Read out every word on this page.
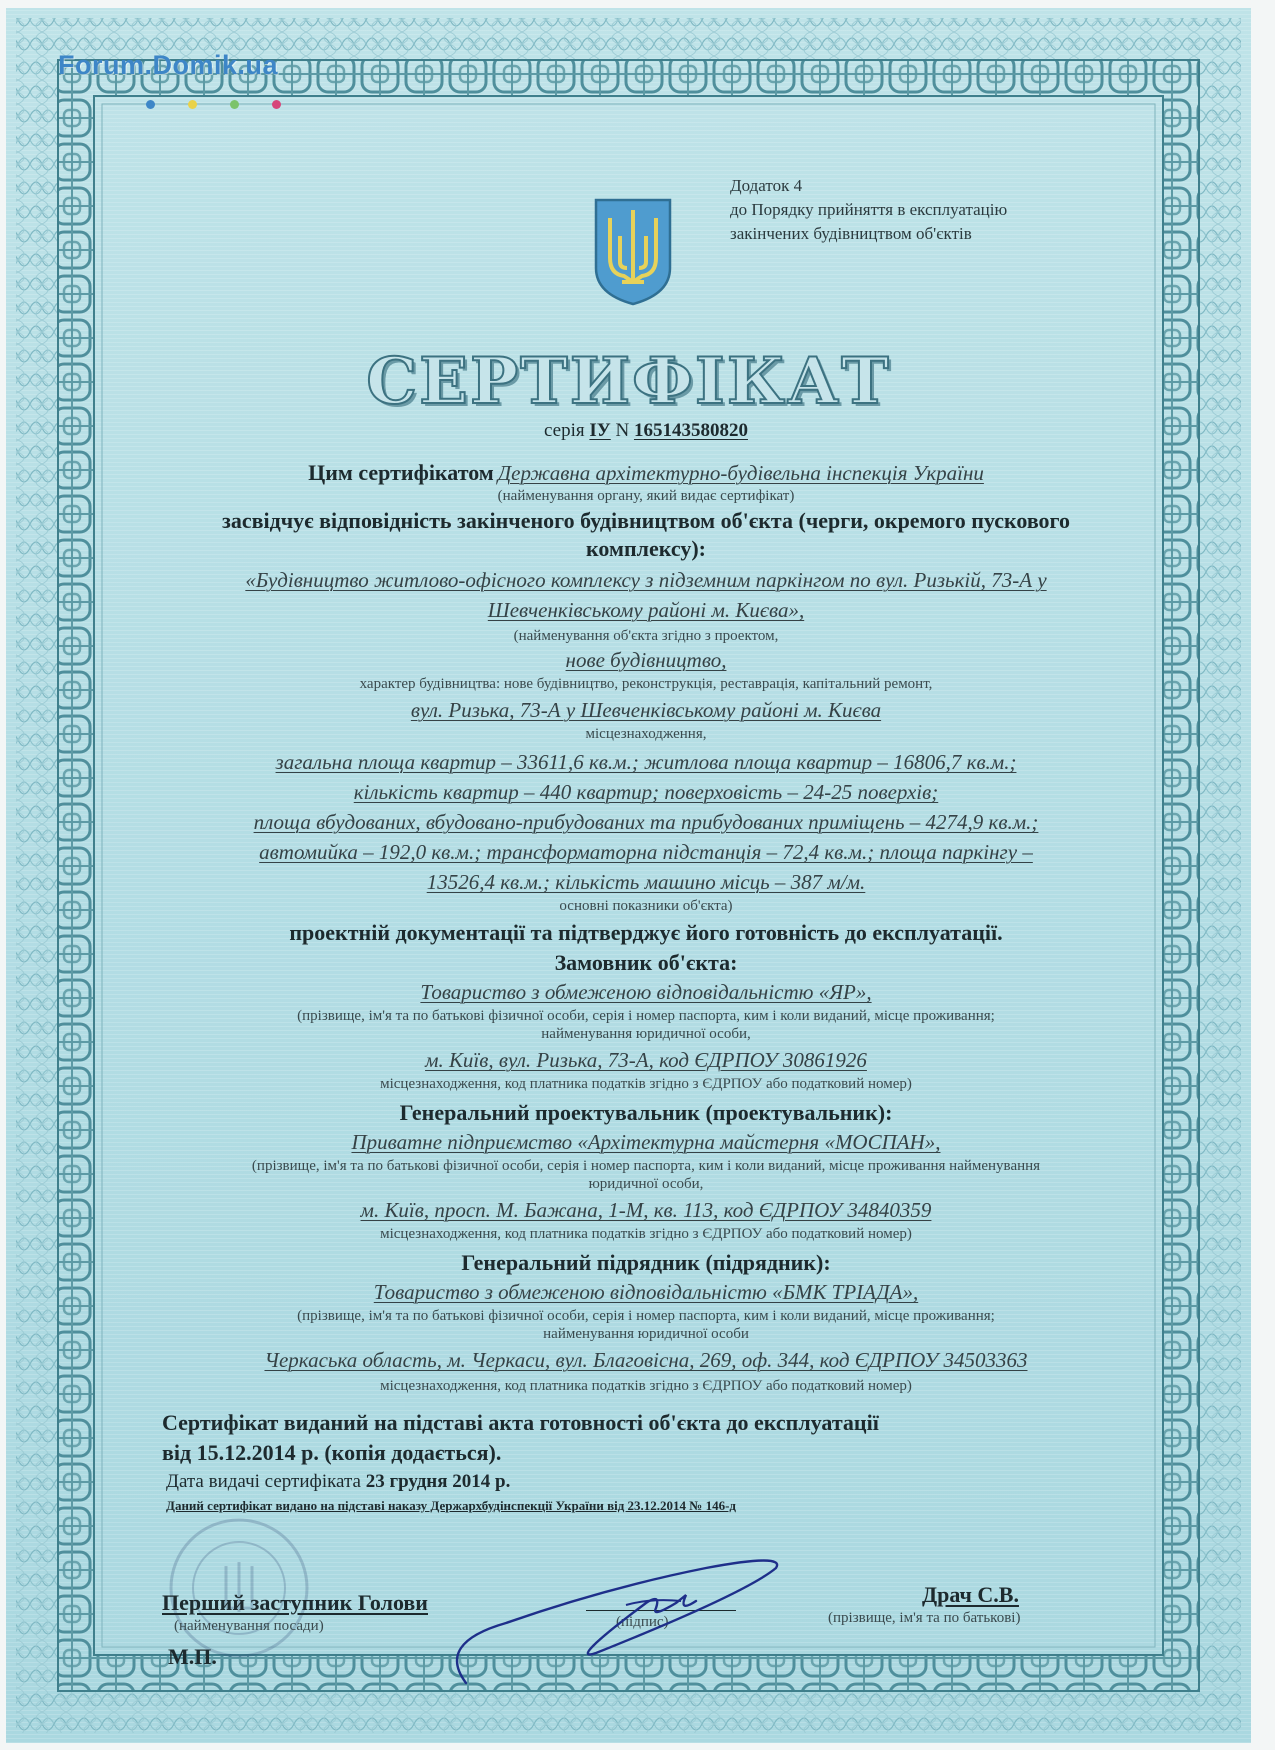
Forum.Domik.ua
Додаток 4
до Порядку прийняття в експлуатацію
закінчених будівництвом об'єктів
СЕРТИФІКАТ
серія ІУ N 165143580820
Цим сертифікатом Державна архітектурно-будівельна інспекція України
(найменування органу, який видає сертифікат)
засвідчує відповідність закінченого будівництвом об'єкта (черги, окремого пускового
комплексу):
«Будівництво житлово-офісного комплексу з підземним паркінгом по вул. Ризькій, 73-А у
Шевченківському районі м. Києва»,
(найменування об'єкта згідно з проектом,
нове будівництво,
характер будівництва: нове будівництво, реконструкція, реставрація, капітальний ремонт,
вул. Ризька, 73-А у Шевченківському районі м. Києва
місцезнаходження,
загальна площа квартир – 33611,6 кв.м.; житлова площа квартир – 16806,7 кв.м.;
кількість квартир – 440 квартир; поверховість – 24-25 поверхів;
площа вбудованих, вбудовано-прибудованих та прибудованих приміщень – 4274,9 кв.м.;
автомийка – 192,0 кв.м.; трансформаторна підстанція – 72,4 кв.м.; площа паркінгу –
13526,4 кв.м.; кількість машино місць – 387 м/м.
основні показники об'єкта)
проектній документації та підтверджує його готовність до експлуатації.
Замовник об'єкта:
Товариство з обмеженою відповідальністю «ЯР»,
(прізвище, ім'я та по батькові фізичної особи, серія і номер паспорта, ким і коли виданий, місце проживання;
найменування юридичної особи,
м. Київ, вул. Ризька, 73-А, код ЄДРПОУ 30861926
місцезнаходження, код платника податків згідно з ЄДРПОУ або податковий номер)
Генеральний проектувальник (проектувальник):
Приватне підприємство «Архітектурна майстерня «МОСПАН»,
(прізвище, ім'я та по батькові фізичної особи, серія і номер паспорта, ким і коли виданий, місце проживання найменування
юридичної особи,
м. Київ, просп. М. Бажана, 1-М, кв. 113, код ЄДРПОУ 34840359
місцезнаходження, код платника податків згідно з ЄДРПОУ або податковий номер)
Генеральний підрядник (підрядник):
Товариство з обмеженою відповідальністю «БМК ТРІАДА»,
(прізвище, ім'я та по батькові фізичної особи, серія і номер паспорта, ким і коли виданий, місце проживання;
найменування юридичної особи
Черкаська область, м. Черкаси, вул. Благовісна, 269, оф. 344, код ЄДРПОУ 34503363
місцезнаходження, код платника податків згідно з ЄДРПОУ або податковий номер)
Сертифікат виданий на підставі акта готовності об'єкта до експлуатації
від 15.12.2014 р. (копія додається).
Дата видачі сертифіката 23 грудня 2014 р.
Даний сертифікат видано на підставі наказу Держархбудінспекції України від 23.12.2014 № 146-д
Перший заступник Голови
(найменування посади)
М.П.
(підпис)
Драч С.В.
(прізвище, ім'я та по батькові)
